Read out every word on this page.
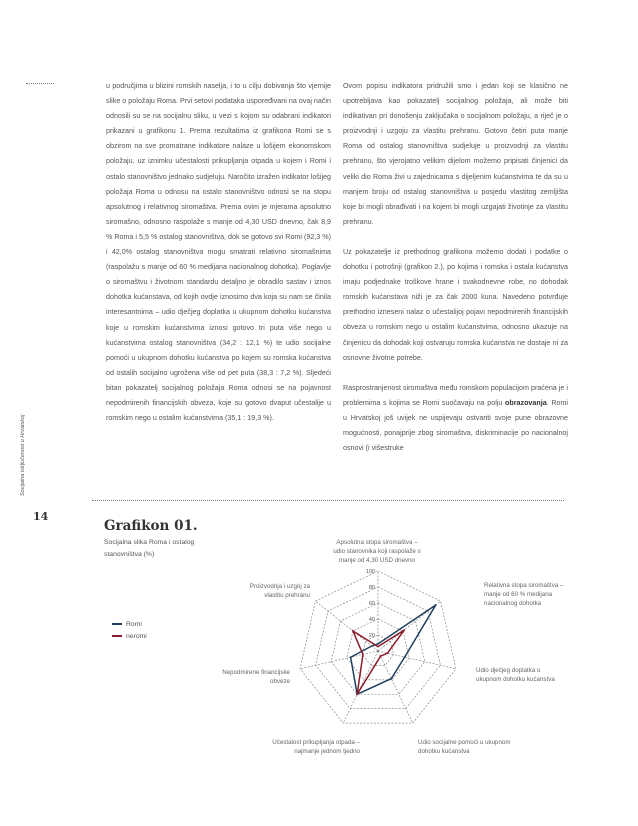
Socijalna isključenost u Hrvatskoj
14

u područjima u blizini romskih naselja, i to u cilju dobivanja što vjernije slike o položaju Roma. Prvi setovi podataka uspoređivani na ovaj način odnosili su se na socijalnu sliku, u vezi s kojom su odabrani indikatori prikazani u grafikonu 1. Prema rezultatima iz grafikona Romi se s obzirom na sve promatrane indikatore nalaze u lošijem ekonomskom položaju, uz iznimku učestalosti prikupljanja otpada u kojem i Romi i ostalo stanovništvo jednako sudjeluju. Naročito izražen indikator lošijeg položaja Roma u odnosu na ostalo stanovništvo odnosi se na stopu apsolutnog i relativnog siromaštva. Prema ovim je mjerama apsolutno siromašno, odnosno raspolaže s manje od 4,30 USD dnevno, čak 8,9 % Roma i 5,5 % ostalog stanovništva, dok se gotovo svi Romi (92,3 %) i 42,0% ostalog stanovništva mogu smatrati relativno siromašnima (raspolažu s manje od 60 % medijana nacionalnog dohotka). Poglavlje o siromaštvu i životnom standardu detaljno je obradilo sastav i iznos dohotka kućanstava, od kojih ovdje iznosimo dva koja su nam se činila interesantnima – udio dječjeg doplatka u ukupnom dohotku kućanstva koje u romskim kućanstvima iznosi gotovo tri puta više nego u kućanstvima ostalog stanovništva (34,2 : 12,1 %) te udio socijalne pomoći u ukupnom dohotku kućanstva po kojem su romska kućanstva od ostalih socijalno ugrožena više od pet puta (38,3 : 7,2 %). Sljedeći bitan pokazatelj socijalnog položaja Roma odnosi se na pojavnost nepodmirenih financijskih obveza, koje su gotovo dvaput učestalije u romskim nego u ostalim kućanstvima (35,1 : 19,3 %).

Ovom popisu indikatora pridružili smo i jedan koji se klasično ne upotrebljava kao pokazatelj socijalnog položaja, ali može biti indikativan pri donošenju zaključaka o socijalnom položaju, a riječ je o proizvodnji i uzgoju za vlastitu prehranu. Gotovo četiri puta manje Roma od ostalog stanovništva sudjeluje u proizvodnji za vlastitu prehranu, što vjerojatno velikim dijelom možemo pripisati činjenici da veliki dio Roma živi u zajednicama s dijeljenim kućanstvima te da su u manjem broju od ostalog stanovništva u posjedu vlastitog zemljišta koje bi mogli obrađivati i na kojem bi mogli uzgajati životinje za vlastitu prehranu.

Uz pokazatelje iz prethodnog grafikona možemo dodati i podatke o dohotku i potrošnji (grafikon 2.), po kojima i romska i ostala kućanstva imaju podjednake troškove hrane i svakodnevne robe, no dohodak romskih kućanstava niži je za čak 2000 kuna. Navedeno potvrđuje prethodno izneseni nalaz o učestalijoj pojavi nepodmirenih financijskih obveza u romskim nego u ostalim kućanstvima, odnosno ukazuje na činjenicu da dohodak koji ostvaruju romska kućanstva ne dostaje ni za osnovne životne potrebe.

Rasprostranjenost siromaštva među romskom populacijom praćena je i problemima s kojima se Romi suočavaju na polju obrazovanja. Romi u Hrvatskoj još uvijek ne uspijevaju ostvariti svoje pune obrazovne mogućnosti, ponajprije zbog siromaštva, diskriminacije po nacionalnoj osnovi (i višestruke

Grafikon 01.
Socijalna slika Roma i ostalog stanovništva (%)
Romi
neromi
Apsolutna stopa siromaštva – udio stanovnika koji raspolaže s manje od 4,30 USD dnevno
Relativna stopa siromaštva – manje od 60 % medijana nacionalnog dohotka
Udio dječjeg doplatka u ukupnom dohotku kućanstva
Udio socijalne pomoći u ukupnom dohotku kućanstva
Učestalost prikupljanja otpada – najmanje jednom tjedno
Nepodmirene financijske obveze
Proizvodnja i uzgoj za vlastitu prehranu
20
40
60
80
100
